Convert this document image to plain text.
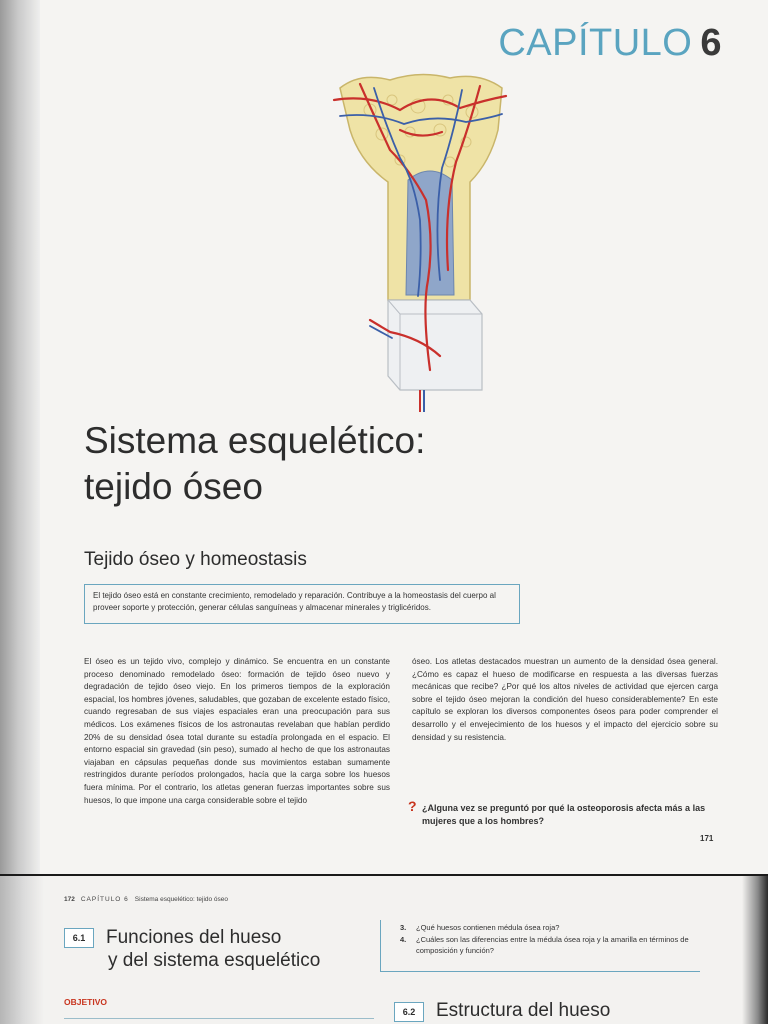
CAPÍTULO 6
Sistema esquelético:
tejido óseo
Tejido óseo y homeostasis
El tejido óseo está en constante crecimiento, remodelado y reparación. Contribuye a la homeostasis del cuerpo al proveer soporte y protección, generar células sanguíneas y almacenar minerales y triglicéridos.
El óseo es un tejido vivo, complejo y dinámico. Se encuentra en un constante proceso denominado remodelado óseo: formación de tejido óseo nuevo y degradación de tejido óseo viejo. En los primeros tiempos de la exploración espacial, los hombres jóvenes, saludables, que gozaban de excelente estado físico, cuando regresaban de sus viajes espaciales eran una preocupación para sus médicos. Los exámenes físicos de los astronautas revelaban que habían perdido 20% de su densidad ósea total durante su estadía prolongada en el espacio. El entorno espacial sin gravedad (sin peso), sumado al hecho de que los astronautas viajaban en cápsulas pequeñas donde sus movimientos estaban sumamente restringidos durante períodos prolongados, hacía que la carga sobre los huesos fuera mínima. Por el contrario, los atletas generan fuerzas importantes sobre sus huesos, lo que impone una carga considerable sobre el tejido
óseo. Los atletas destacados muestran un aumento de la densidad ósea general. ¿Cómo es capaz el hueso de modificarse en respuesta a las diversas fuerzas mecánicas que recibe? ¿Por qué los altos niveles de actividad que ejercen carga sobre el tejido óseo mejoran la condición del hueso considerablemente? En este capítulo se exploran los diversos componentes óseos para poder comprender el desarrollo y el envejecimiento de los huesos y el impacto del ejercicio sobre su densidad y su resistencia.
? ¿Alguna vez se preguntó por qué la osteoporosis afecta más a las mujeres que a los hombres?
171
172 CAPÍTULO 6 Sistema esquelético: tejido óseo
6.1	Funciones del hueso
y del sistema esquelético
OBJETIVO
3. ¿Qué huesos contienen médula ósea roja?
4. ¿Cuáles son las diferencias entre la médula ósea roja y la amarilla en términos de composición y función?
6.2	Estructura del hueso
